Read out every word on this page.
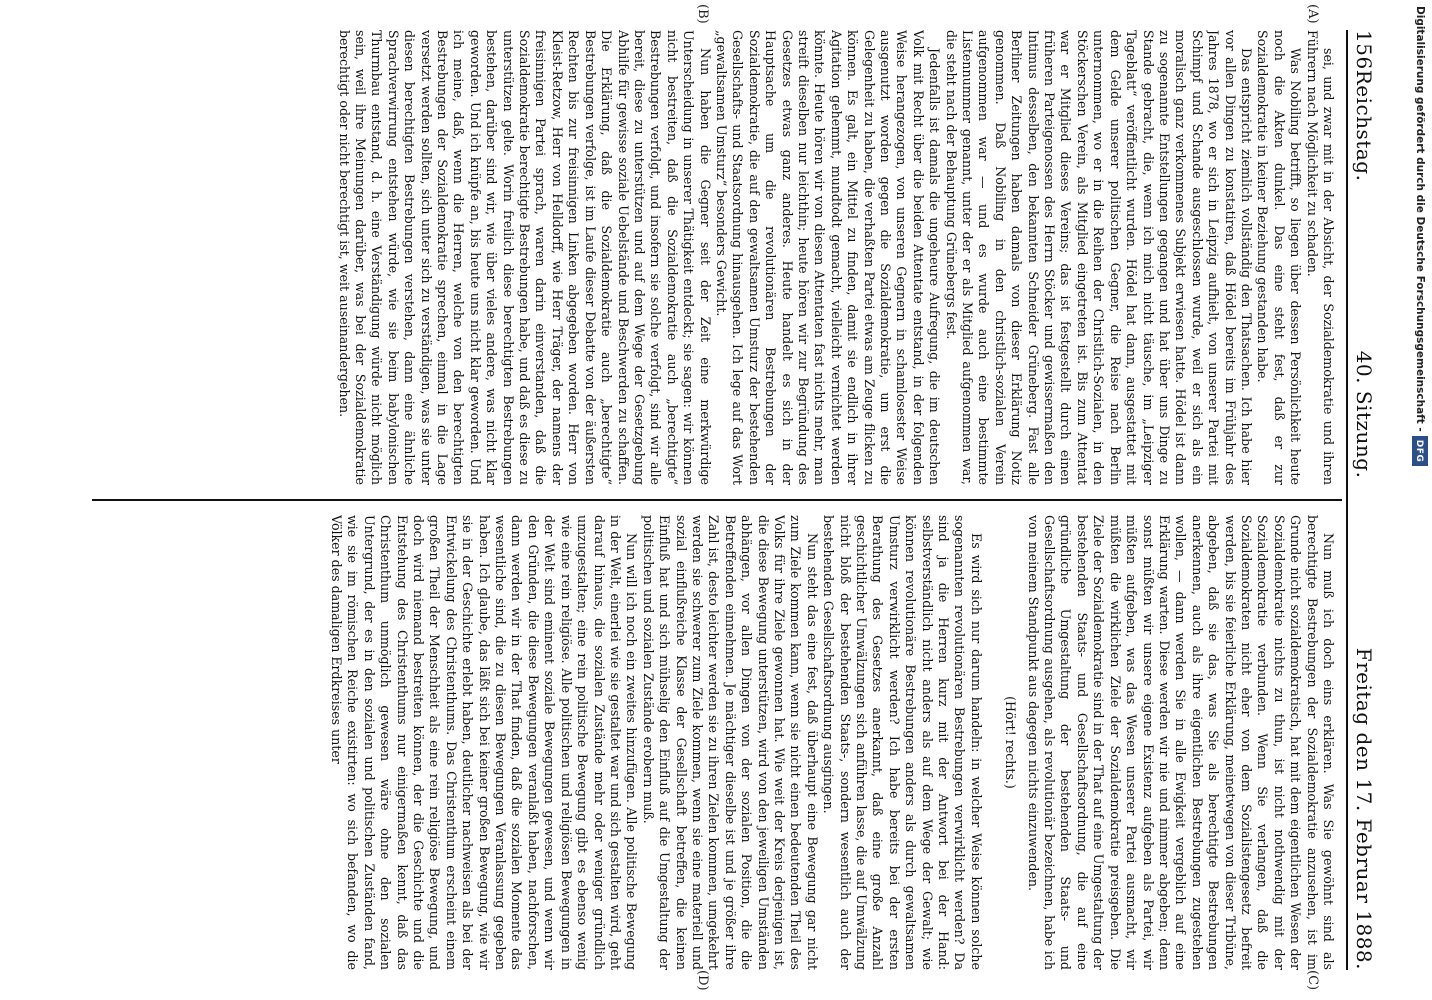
156
Reichstag.
40. Sitzung.
Freitag den 17. Februar 1888.
(A)
(B)
(C)
(D)

sei, und zwar mit in der Absicht, der Sozialdemokratie und ihren Führern nach Möglichkeit zu schaden.

Was Nobiling betrifft, so liegen über dessen Persönlichkeit heute noch die Akten dunkel. Das eine steht fest, daß er zur Sozialdemokratie in keiner Beziehung gestanden habe.

Das entspricht ziemlich vollständig den Thatsachen. Ich habe hier vor allen Dingen zu konstatiren, daß Hödel bereits im Frühjahr des Jahres 1878, wo er sich in Leipzig aufhielt, von unserer Partei mit Schimpf und Schande ausgeschlossen wurde, weil er sich als ein moralisch ganz verkommenes Subjekt erwiesen hatte. Hödel ist dann zu sogenannte Entstellungen gegangen und hat über uns Dinge zu Stande gebracht, die, wenn ich mich nicht täusche, im „Leipziger Tageblatt“ veröffentlicht wurden. Hödel hat dann, ausgestattet mit dem Gelde unserer politischen Gegner, die Reise nach Berlin unternommen, wo er in die Reihen der Christlich-Sozialen, in den Stöckerschen Verein, als Mitglied eingetreten ist. Bis zum Attentat war er Mitglied dieses Vereins; das ist festgestellt durch einen früheren Parteigenossen des Herrn Stöcker und gewissermaßen den Intimus desselben, den bekannten Schneider Grüneberg. Fast alle Berliner Zeitungen haben damals von dieser Erklärung Notiz genommen. Daß Nobiling in den christlich-sozialen Verein aufgenommen war — und es wurde auch eine bestimmte Listennummer genannt, unter der er als Mitglied aufgenommen war, die steht nach der Behauptung Grünebergs fest.

Jedenfalls ist damals die ungeheure Aufregung, die im deutschen Volk mit Recht über die beiden Attentate entstand, in der folgenden Weise herangezogen, von unseren Gegnern in schamlosester Weise ausgenutzt worden gegen die Sozialdemokratie, um erst die Gelegenheit zu haben, die verhaßten Partei etwas am Zeuge flicken zu können. Es galt, ein Mittel zu finden, damit sie endlich in ihrer Agitation gehemmt, mundtodt gemacht, vielleicht vernichtet werden könnte. Heute hören wir von diesen Attentaten fast nichts mehr, man streift dieselben nur leichthin; heute hören wir zur Begründung des Gesetzes etwas ganz anderes. Heute handelt es sich in der Hauptsache um die revolutionären Bestrebungen der Sozialdemokratie, die auf den gewaltsamen Umsturz der bestehenden Gesellschafts- und Staatsordnung hinausgehen. Ich lege auf das Wort „gewaltsamen Umsturz“ besonders Gewicht.

Nun haben die Gegner seit der Zeit eine merkwürdige Unterscheidung in unserer Thätigkeit entdeckt; sie sagen: wir können nicht bestreiten, daß die Sozialdemokratie auch „berechtigte“ Bestrebungen verfolgt, und insofern sie solche verfolgt, sind wir alle bereit, diese zu unterstützen und auf dem Wege der Gesetzgebung Abhilfe für gewisse soziale Uebelstände und Beschwerden zu schaffen. Die Erklärung, daß die Sozialdemokratie auch „berechtigte“ Bestrebungen verfolge, ist im Laufe dieser Debatte von der äußersten Rechten bis zur freisinnigen Linken abgegeben worden. Herr von Kleist-Retzow, Herr von Helldorff, wie Herr Träger, der namens der freisinnigen Partei sprach, waren darin einverstanden, daß die Sozialdemokratie berechtigte Bestrebungen habe, und daß es diese zu unterstützen gelte. Worin freilich diese berechtigten Bestrebungen bestehen, darüber sind wir, wie über vieles andere, was nicht klar geworden. Und ich knüpfe an, bis heute uns nicht klar geworden. Und ich meine, daß, wenn die Herren, welche von den berechtigten Bestrebungen der Sozialdemokratie sprechen, einmal in die Lage versetzt werden sollten, sich unter sich zu verständigen, was sie unter diesen berechtigten Bestrebungen verstehen, dann eine ähnliche Sprachverwirrung entstehen würde, wie sie beim babylonischen Thurmbau entstand, d. h. eine Verständigung würde nicht möglich sein, weil ihre Meinungen darüber, was bei der Sozialdemokratie berechtigt oder nicht berechtigt ist, weit auseinandergehen.

Nun muß ich doch eins erklären. Was Sie gewöhnt sind als berechtigte Bestrebungen der Sozialdemokratie anzusehen, ist im Grunde nicht sozialdemokratisch, hat mit dem eigentlichen Wesen der Sozialdemokratie nichts zu thun, ist nicht nothwendig mit der Sozialdemokratie verbunden. Wenn Sie verlangen, daß die Sozialdemokraten nicht eher von dem Sozialistengesetz befreit werden, bis sie feierliche Erklärung, meinetwegen von dieser Tribüne, abgeben, daß sie das, was Sie als berechtigte Bestrebungen anerkennen, auch als ihre eigentlichen Bestrebungen zugestehen wollen, — dann werden Sie in alle Ewigkeit vergeblich auf eine Erklärung warten. Diese werden wir nie und nimmer abgeben; denn sonst müßten wir unsere eigene Existenz aufgeben als Partei, wir müßten aufgeben, was das Wesen unserer Partei ausmacht, wir müßten die wirklichen Ziele der Sozialdemokratie preisgeben. Die Ziele der Sozialdemokratie sind in der That auf eine Umgestaltung der bestehenden Staats- und Gesellschaftsordnung, die auf eine gründliche Umgestaltung der bestehenden Staats- und Gesellschaftsordnung ausgehen, als revolutionär bezeichnen, habe ich von meinem Standpunkt aus dagegen nichts einzuwenden.

(Hört! rechts.)

Es wird sich nur darum handeln: in welcher Weise können solche sogenannten revolutionären Bestrebungen verwirklicht werden? Da sind ja die Herren kurz mit der Antwort bei der Hand: selbstverständlich nicht anders als auf dem Wege der Gewalt; wie können revolutionäre Bestrebungen anders als durch gewaltsamen Umsturz verwirklicht werden? Ich habe bereits bei der ersten Berathung des Gesetzes anerkannt, daß eine große Anzahl geschichtlicher Umwälzungen sich anführen lasse, die auf Umwälzung nicht bloß der bestehenden Staats-, sondern wesentlich auch der bestehenden Gesellschaftsordnung ausgingen.

Nun steht das eine fest, daß überhaupt eine Bewegung gar nicht zum Ziele kommen kann, wenn sie nicht einen bedeutenden Theil des Volks für ihre Ziele gewonnen hat. Wie weit der Kreis derjenigen ist, die diese Bewegung unterstützen, wird von den jeweiligen Umständen abhängen, vor allen Dingen von der sozialen Position, die die Betreffenden einnehmen. Je mächtiger dieselbe ist und je größer ihre Zahl ist, desto leichter werden sie zu ihren Zielen kommen, umgekehrt werden sie schwerer zum Ziele kommen, wenn sie eine materiell und sozial einflußreiche Klasse der Gesellschaft betreffen, die keinen Einfluß hat und sich mühselig den Einfluß auf die Umgestaltung der politischen und sozialen Zustände erobern muß.

Nun will ich noch ein zweites hinzufügen. Alle politische Bewegung in der Welt, einerlei wie sie gestaltet war und sich gestalten wird, geht darauf hinaus, die sozialen Zustände mehr oder weniger gründlich umzugestalten; eine rein politische Bewegung gibt es ebenso wenig wie eine rein religiöse. Alle politischen und religiösen Bewegungen in der Welt sind eminent soziale Bewegungen gewesen, und wenn wir den Gründen, die diese Bewegungen veranlaßt haben, nachforschen, dann werden wir in der That finden, daß die sozialen Momente das wesentliche sind, die zu diesen Bewegungen Veranlassung gegeben haben. Ich glaube, das läßt sich bei keiner großen Bewegung, wie wir sie in der Geschichte erlebt haben, deutlicher nachweisen als bei der Entwickelung des Christenthums. Das Christenthum erscheint einem großen Theil der Menschheit als eine rein religiöse Bewegung, und doch wird niemand bestreiten können, der die Geschichte und die Entstehung des Christenthums nur einigermaßen kennt, daß das Christenthum unmöglich gewesen wäre ohne den sozialen Untergrund, der es in den sozialen und politischen Zuständen fand, wie sie im römischen Reiche existirten: wo sich befanden, wo die Völker des damaligen Erdkreises unter

Digitalisierung gefördert durch die Deutsche Forschungsgemeinschaft -DFG
